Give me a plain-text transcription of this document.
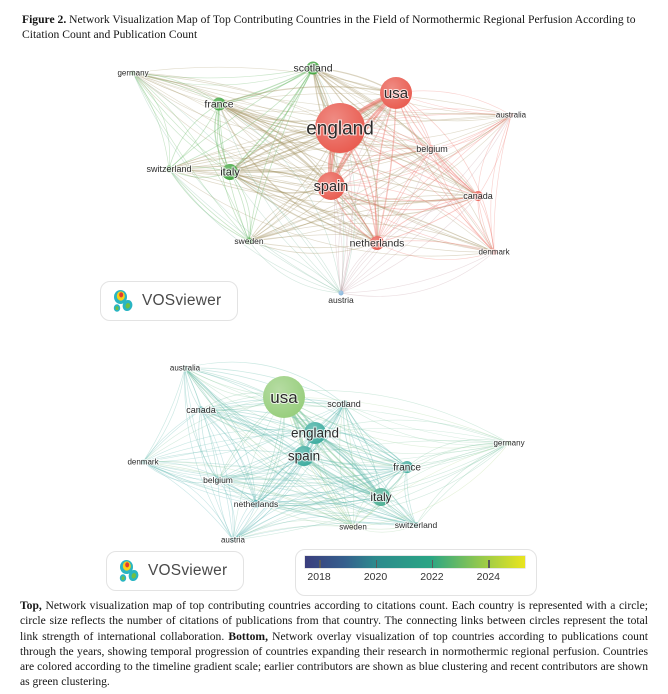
Figure 2. Network Visualization Map of Top Contributing Countries in the Field of Normothermic Regional Perfusion According to Citation Count and Publication Count

germany	scotland
france
usa
england
australia
belgium
switzerland	italy
spain
canada
sweden	netherlands
denmark
austria
australia
usa
canada
scotland
england
germany
spain
denmark
france
belgium
italy
netherlands
sweden	switzerland
austria
VOSviewer
VOSviewer	2018	2020	2022	2024

Top, Network visualization map of top contributing countries according to citations count. Each country is represented with a circle; circle size reflects the number of citations of publications from that country. The connecting links between circles represent the total link strength of international collaboration. Bottom, Network overlay visualization of top countries according to publications count through the years, showing temporal progression of countries expanding their research in normothermic regional perfusion. Countries are colored according to the timeline gradient scale; earlier contributors are shown as blue clustering and recent contributors are shown as green clustering.
